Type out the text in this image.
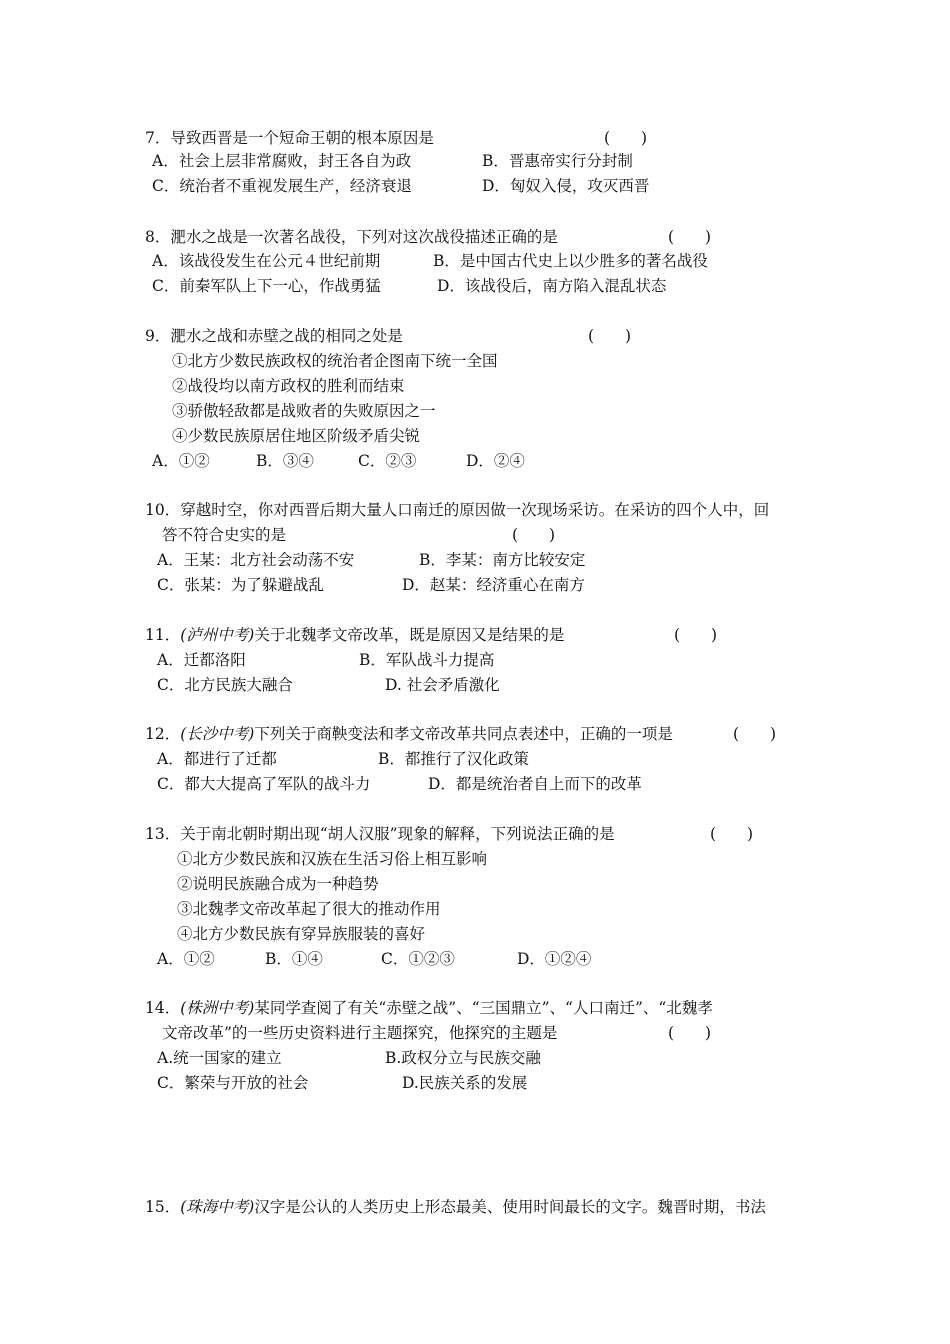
7．导致西晋是一个短命王朝的根本原因是	(　　)
A．社会上层非常腐败，封王各自为政	B．晋惠帝实行分封制
C．统治者不重视发展生产，经济衰退	D．匈奴入侵，攻灭西晋
8．淝水之战是一次著名战役，下列对这次战役描述正确的是	(　　)
A．该战役发生在公元４世纪前期	B．是中国古代史上以少胜多的著名战役
C．前秦军队上下一心，作战勇猛	D．该战役后，南方陷入混乱状态
9．淝水之战和赤壁之战的相同之处是	(　　)
①北方少数民族政权的统治者企图南下统一全国
②战役均以南方政权的胜利而结束
③骄傲轻敌都是战败者的失败原因之一
④少数民族原居住地区阶级矛盾尖锐
A．①②	B．③④	C．②③	D．②④
10．穿越时空，你对西晋后期大量人口南迁的原因做一次现场采访。在采访的四个人中，回
答不符合史实的是	(　　)
A．王某：北方社会动荡不安	B．李某：南方比较安定
C．张某：为了躲避战乱	D．赵某：经济重心在南方
11．(泸州中考)关于北魏孝文帝改革，既是原因又是结果的是	(　　)
A．迁都洛阳	B．军队战斗力提高
C．北方民族大融合	D. 社会矛盾激化
12．(长沙中考)下列关于商鞅变法和孝文帝改革共同点表述中，正确的一项是	(　　)
A．都进行了迁都	B．都推行了汉化政策
C．都大大提高了军队的战斗力	D．都是统治者自上而下的改革
13．关于南北朝时期出现“胡人汉服”现象的解释，下列说法正确的是	(　　)
①北方少数民族和汉族在生活习俗上相互影响
②说明民族融合成为一种趋势
③北魏孝文帝改革起了很大的推动作用
④北方少数民族有穿异族服装的喜好
A．①②	B．①④	C．①②③	D．①②④
14．(株洲中考)某同学查阅了有关“赤壁之战”、“三国鼎立”、“人口南迁”、“北魏孝
文帝改革”的一些历史资料进行主题探究，他探究的主题是	(　　)
A.统一国家的建立	B.政权分立与民族交融
C．繁荣与开放的社会	D.民族关系的发展
15．(珠海中考)汉字是公认的人类历史上形态最美、使用时间最长的文字。魏晋时期，书法
